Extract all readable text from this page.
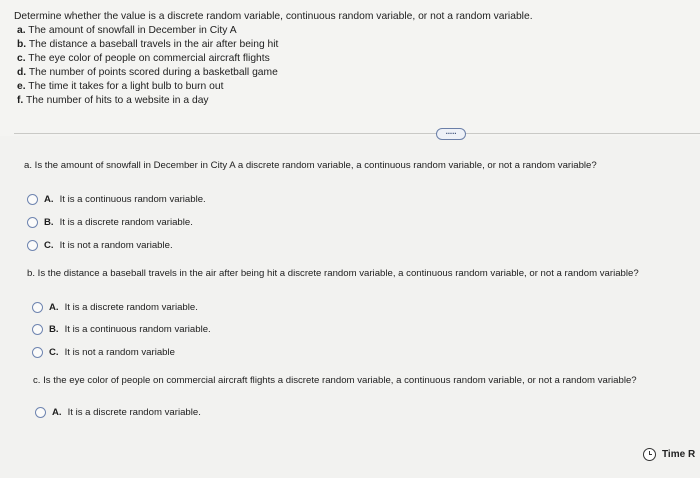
Determine whether the value is a discrete random variable, continuous random variable, or not a random variable.
a. The amount of snowfall in December in City A
b. The distance a baseball travels in the air after being hit
c. The eye color of people on commercial aircraft flights
d. The number of points scored during a basketball game
e. The time it takes for a light bulb to burn out
f. The number of hits to a website in a day
·····
a. Is the amount of snowfall in December in City A a discrete random variable, a continuous random variable, or not a random variable?
A. It is a continuous random variable.
B. It is a discrete random variable.
C. It is not a random variable.
b. Is the distance a baseball travels in the air after being hit a discrete random variable, a continuous random variable, or not a random variable?
A. It is a discrete random variable.
B. It is a continuous random variable.
C. It is not a random variable
c. Is the eye color of people on commercial aircraft flights a discrete random variable, a continuous random variable, or not a random variable?
A. It is a discrete random variable.
Time R
